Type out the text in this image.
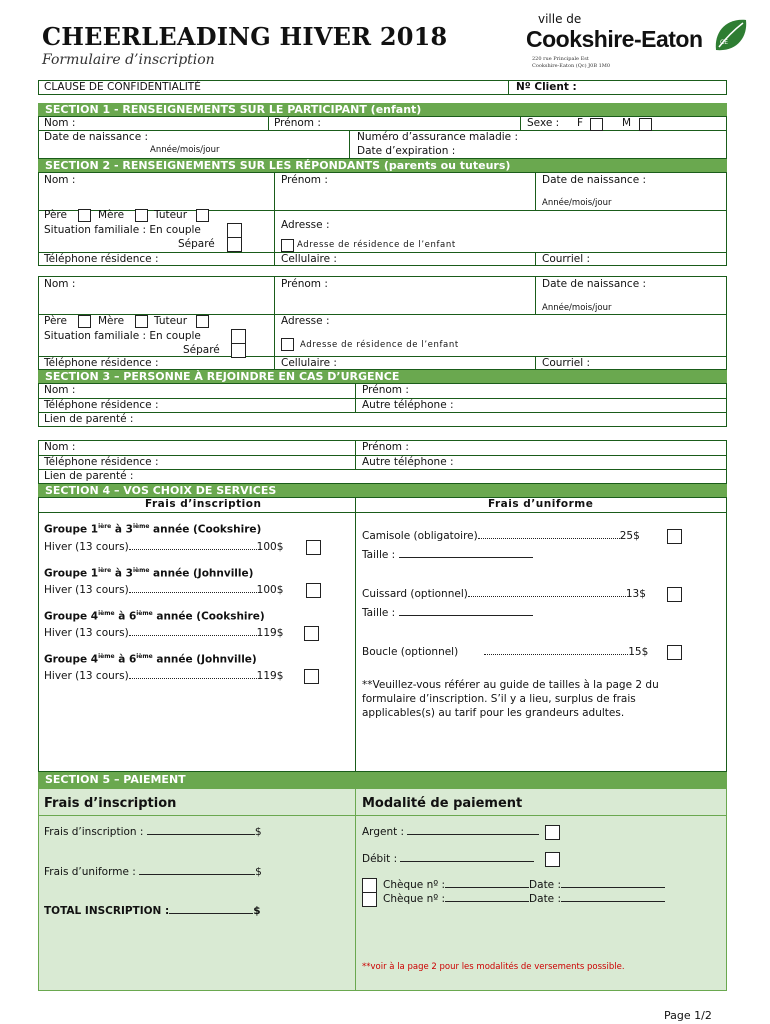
CHEERLEADING HIVER 2018
Formulaire d’inscription
ville de
Cookshire-Eaton
220 rue Principale Est
Cookshire-Eaton (Qc) J0B 1M0
CE
CLAUSE DE CONFIDENTIALITÉ	Nº Client :
SECTION 1 - RENSEIGNEMENTS SUR LE PARTICIPANT (enfant)
Nom :	Prénom :	Sexe : F	M
Date de naissance :
Année/mois/jour
Numéro d’assurance maladie :
Date d’expiration :
SECTION 2 - RENSEIGNEMENTS SUR LES RÉPONDANTS (parents ou tuteurs)
Nom :	Prénom :	Date de naissance :
Année/mois/jour
Père	Mère	Tuteur
Situation familiale : En couple
Séparé
Adresse :
Adresse de résidence de l’enfant
Téléphone résidence :	Cellulaire :	Courriel :
Nom :	Prénom :	Date de naissance :
Année/mois/jour
Père	Mère	Tuteur
Situation familiale : En couple
Séparé
Adresse :
Adresse de résidence de l’enfant
Téléphone résidence :	Cellulaire :	Courriel :
SECTION 3 – PERSONNE À REJOINDRE EN CAS D’URGENCE
Nom :	Prénom :
Téléphone résidence :	Autre téléphone :
Lien de parenté :
Nom :	Prénom :
Téléphone résidence :	Autre téléphone :
Lien de parenté :
SECTION 4 – VOS CHOIX DE SERVICES
Frais d’inscription	Frais d’uniforme
Groupe $1^{ière}$ à 3ième année (Cookshire)
Hiver (13 cours)	100$
Groupe $1^{ière}$ à 3ième année (Johnville)
Hiver (13 cours)	100$
Groupe 4ième à 6ième année (Cookshire)
Hiver (13 cours)	119$
Groupe 4ième à 6ième année (Johnville)
Hiver (13 cours)	119$
Camisole (obligatoire)	25$
Taille :
Cuissard (optionnel)	13$
Taille :
Boucle (optionnel)	15$
**Veuillez-vous référer au guide de tailles à la page 2 du
formulaire d’inscription. S’il y a lieu, surplus de frais
applicables(s) au tarif pour les grandeurs adultes.
SECTION 5 – PAIEMENT
Frais d’inscription	Modalité de paiement
Frais d’inscription :	$
Frais d’uniforme :	$
TOTAL INSCRIPTION :	$
Argent :
Débit :
Chèque nº :	Date :
Chèque nº :	Date :
**voir à la page 2 pour les modalités de versements possible.
Page 1/2
